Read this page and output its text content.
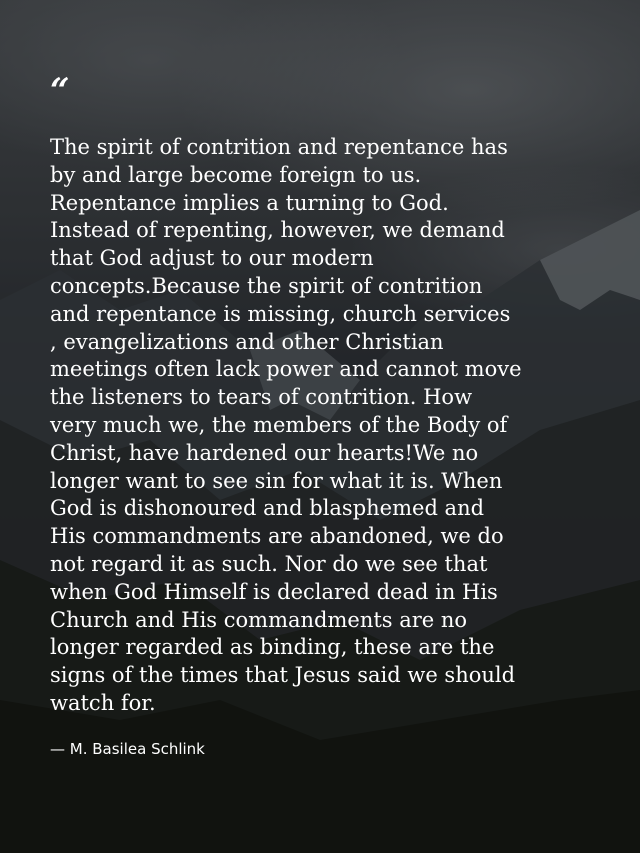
“

The spirit of contrition and repentance has
by and large become foreign to us.
Repentance implies a turning to God.
Instead of repenting, however, we demand
that God adjust to our modern
concepts.Because the spirit of contrition
and repentance is missing, church services
, evangelizations and other Christian
meetings often lack power and cannot move
the listeners to tears of contrition. How
very much we, the members of the Body of
Christ, have hardened our hearts!We no
longer want to see sin for what it is. When
God is dishonoured and blasphemed and
His commandments are abandoned, we do
not regard it as such. Nor do we see that
when God Himself is declared dead in His
Church and His commandments are no
longer regarded as binding, these are the
signs of the times that Jesus said we should
watch for.

— M. Basilea Schlink
